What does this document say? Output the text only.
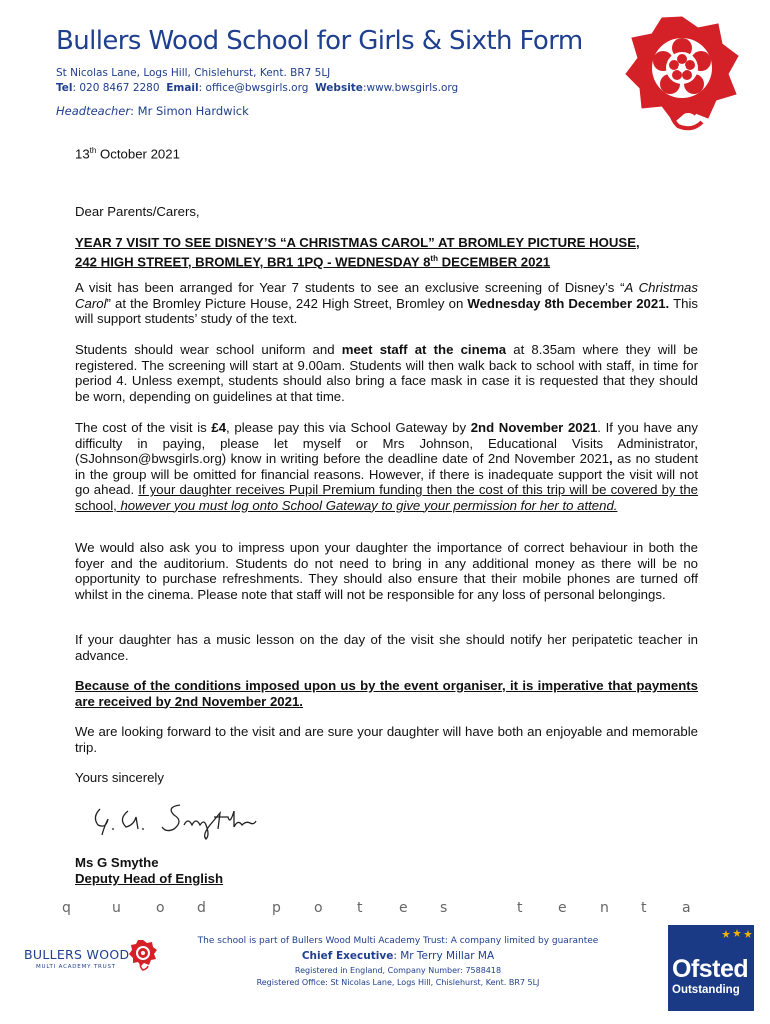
Bullers Wood School for Girls & Sixth Form
St Nicolas Lane, Logs Hill, Chislehurst, Kent. BR7 5LJ
Tel: 020 8467 2280 Email: office@bwsgirls.org Website:www.bwsgirls.org
Headteacher: Mr Simon Hardwick
13th October 2021
Dear Parents/Carers,
YEAR 7 VISIT TO SEE DISNEY’S “A CHRISTMAS CAROL” AT BROMLEY PICTURE HOUSE,
242 HIGH STREET, BROMLEY, BR1 1PQ - WEDNESDAY 8th DECEMBER 2021

A visit has been arranged for Year 7 students to see an exclusive screening of Disney’s “A Christmas Carol” at the Bromley Picture House, 242 High Street, Bromley on Wednesday 8th December 2021. This will support students’ study of the text.

Students should wear school uniform and meet staff at the cinema at 8.35am where they will be registered. The screening will start at 9.00am. Students will then walk back to school with staff, in time for period 4. Unless exempt, students should also bring a face mask in case it is requested that they should be worn, depending on guidelines at that time.

The cost of the visit is £4, please pay this via School Gateway by 2nd November 2021. If you have any difficulty in paying, please let myself or Mrs Johnson, Educational Visits Administrator, (SJohnson@bwsgirls.org) know in writing before the deadline date of 2nd November 2021, as no student in the group will be omitted for financial reasons. However, if there is inadequate support the visit will not go ahead. If your daughter receives Pupil Premium funding then the cost of this trip will be covered by the school, however you must log onto School Gateway to give your permission for her to attend.

We would also ask you to impress upon your daughter the importance of correct behaviour in both the foyer and the auditorium. Students do not need to bring in any additional money as there will be no opportunity to purchase refreshments. They should also ensure that their mobile phones are turned off whilst in the cinema. Please note that staff will not be responsible for any loss of personal belongings.

If your daughter has a music lesson on the day of the visit she should notify her peripatetic teacher in advance.

Because of the conditions imposed upon us by the event organiser, it is imperative that payments are received by 2nd November 2021.

We are looking forward to the visit and are sure your daughter will have both an enjoyable and memorable trip.

Yours sincerely
Ms G Smythe
Deputy Head of English
q	u	o d	p o t	e s	t	e n t	a
BULLERS WOOD
MULTI ACADEMY TRUST
The school is part of Bullers Wood Multi Academy Trust: A company limited by guarantee
Chief Executive: Mr Terry Millar MA
Registered in England, Company Number: 7588418
Registered Office: St Nicolas Lane, Logs Hill, Chislehurst, Kent. BR7 5LJ	Ofsted
Outstanding
